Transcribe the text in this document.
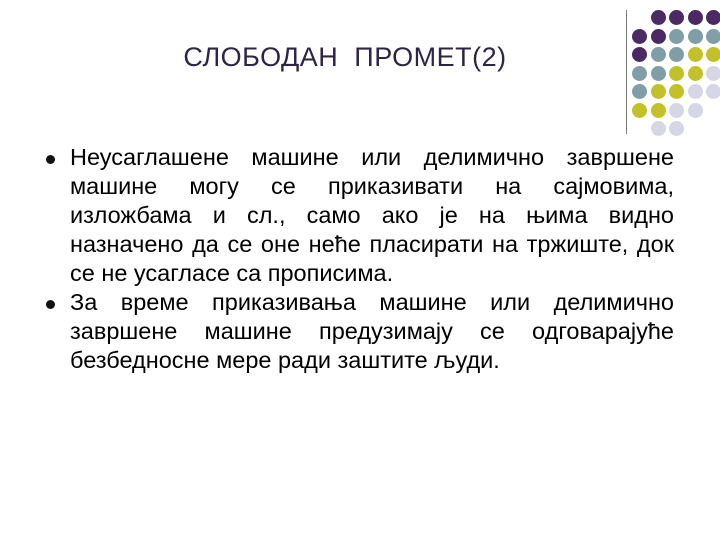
СЛОБОДАН  ПРОМЕТ(2)
Неусаглашене машине или делимично завршене машине могу се приказивати на сајмовима, изложбама и сл., само ако је на њима видно назначено да се оне неће пласирати на тржиште, док се не усагласе са прописима.
За време приказивања машине или делимично завршене машине предузимају се одговарајуће безбедносне мере ради заштите људи.
